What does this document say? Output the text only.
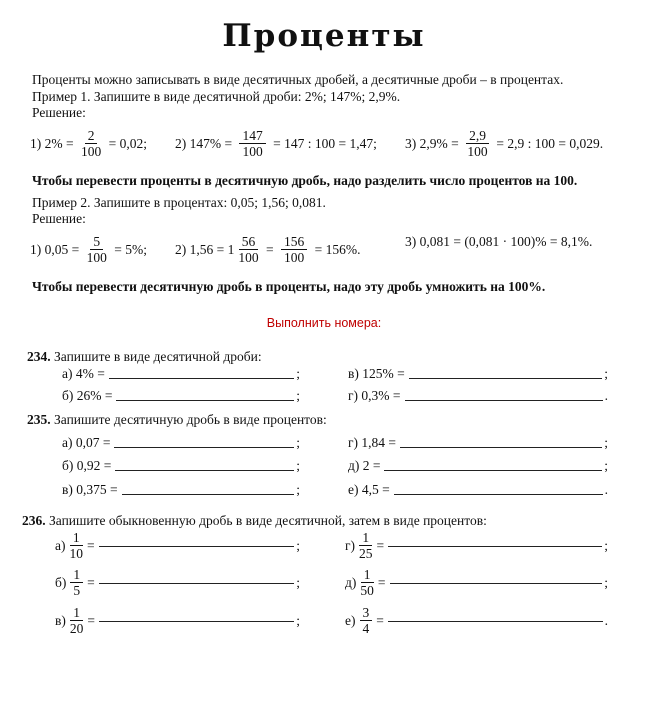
Проценты
Проценты можно записывать в виде десятичных дробей, а десятичные дроби – в процентах.
Пример 1. Запишите в виде десятичной дроби: 2%; 147%; 2,9%.
Решение:
1) $2\% = \frac{2}{100} = 0,02$; 2) $147\% = \frac{147}{100} = 147$ : 100 = 1,47; 3) $2,9\% = \frac{2,9}{100} = 2,9$ : 100 = 0,029.
Чтобы перевести проценты в десятичную дробь, надо разделить число процентов на 100.
Пример 2. Запишите в процентах: 0,05; 1,56; 0,081.
Решение:
1) $0,05 = \frac{5}{100} = 5\%$; 2) $1,56 = 1 \frac{56}{100} = \frac{156}{100} = 156\%$.	3) 0,081 = (0,081 · 100)% = 8,1%.
Чтобы перевести десятичную дробь в проценты, надо эту дробь умножить на 100%.
Выполнить номера:
234. Запишите в виде десятичной дроби:
235. Запишите десятичную дробь в виде процентов:
236. Запишите обыкновенную дробь в виде десятичной, затем в виде процентов:
а) 4% =	;	в) 125% =	;
б) 26% =	;	г) 0,3% =	.
а) 0,07 =	;	г) 1,84 =	;
б) 0,92 =	;	д) 2 =	;
в) 0,375 =	;	е) 4,5 =	.
$а) \frac{1}{10}$ =	;	$г) \frac{1}{25}$ =	;
$б) \frac{1}{5}$ =	;	$д) \frac{1}{50}$ =	;
$в) \frac{1}{20}$ =	;	$е) \frac{3}{4}$ =	.
